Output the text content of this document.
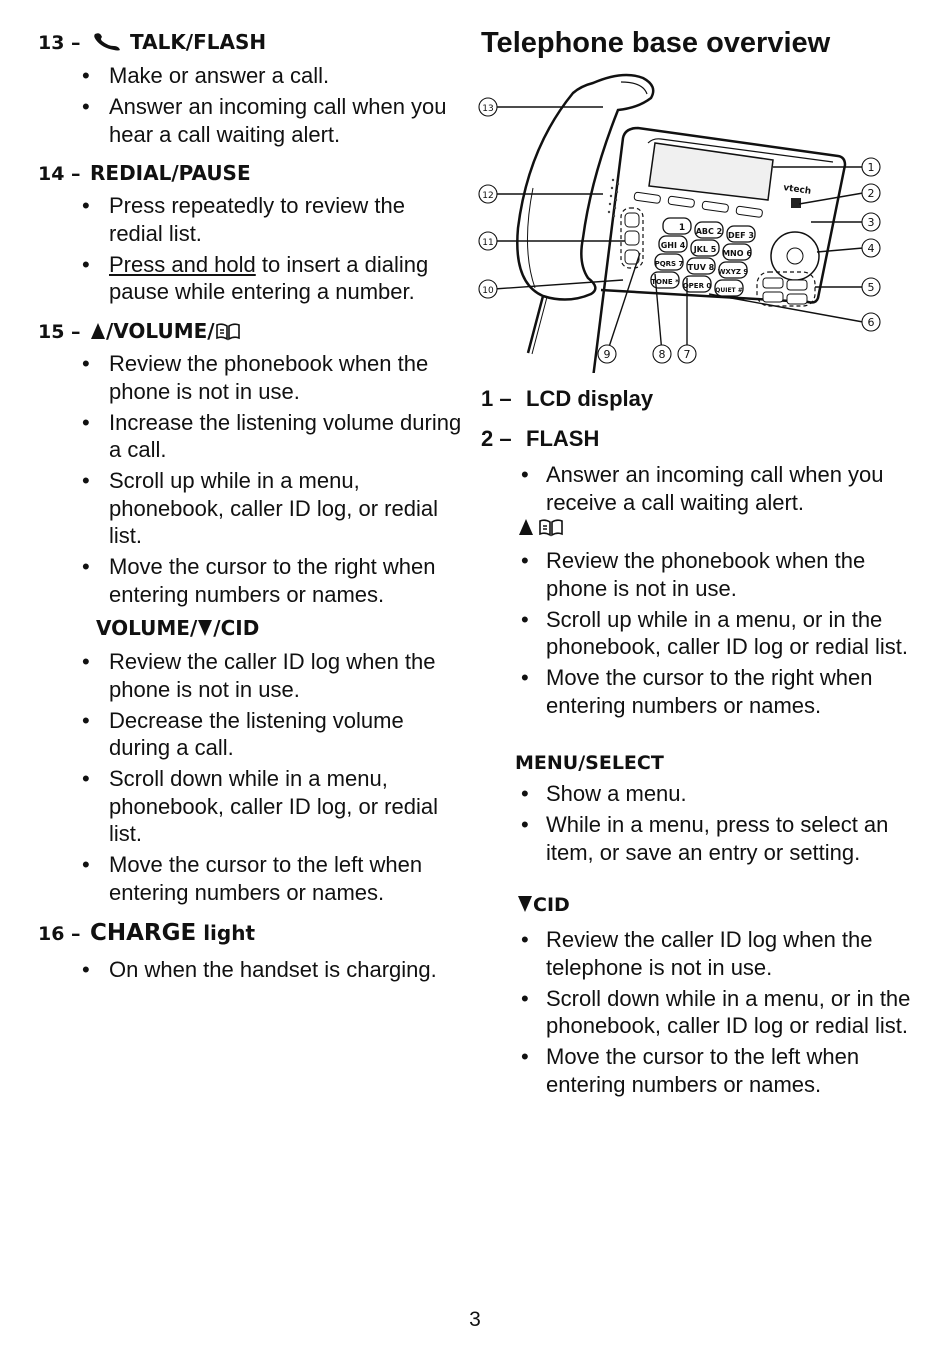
13 – TALK/FLASH
• Make or answer a call.
• Answer an incoming call when you hear a call waiting alert.
14 – REDIAL/PAUSE
• Press repeatedly to review the redial list.
• Press and hold to insert a dialing pause while entering a number.
15 – /VOLUME/
• Review the phonebook when the phone is not in use.
• Increase the listening volume during a call.
• Scroll up while in a menu, phonebook, caller ID log, or redial list.
• Move the cursor to the right when entering numbers or names.
VOLUME/ /CID
• Review the caller ID log when the phone is not in use.
• Decrease the listening volume during a call.
• Scroll down while in a menu, phonebook, caller ID log, or redial list.
• Move the cursor to the left when entering numbers or names.
16 – CHARGE light
• On when the handset is charging.
Telephone base overview
vtech
1 ABC 2 DEF 3
GHI 4 JKL 5 MNO 6
PQRS 7 TUV 8 WXYZ 9
TONE * OPER 0
QUIET #
13
12
11
10
1
2
3
4
5
6
7
8
9
1 – LCD display
2 – FLASH
• Answer an incoming call when you receive a call waiting alert.
• Review the phonebook when the phone is not in use.
• Scroll up while in a menu, or in the phonebook, caller ID log or redial list.
• Move the cursor to the right when entering numbers or names.
MENU/SELECT
• Show a menu.
• While in a menu, press to select an item, or save an entry or setting.
CID
• Review the caller ID log when the telephone is not in use.
• Scroll down while in a menu, or in the phonebook, caller ID log or redial list.
• Move the cursor to the left when entering numbers or names.
3
